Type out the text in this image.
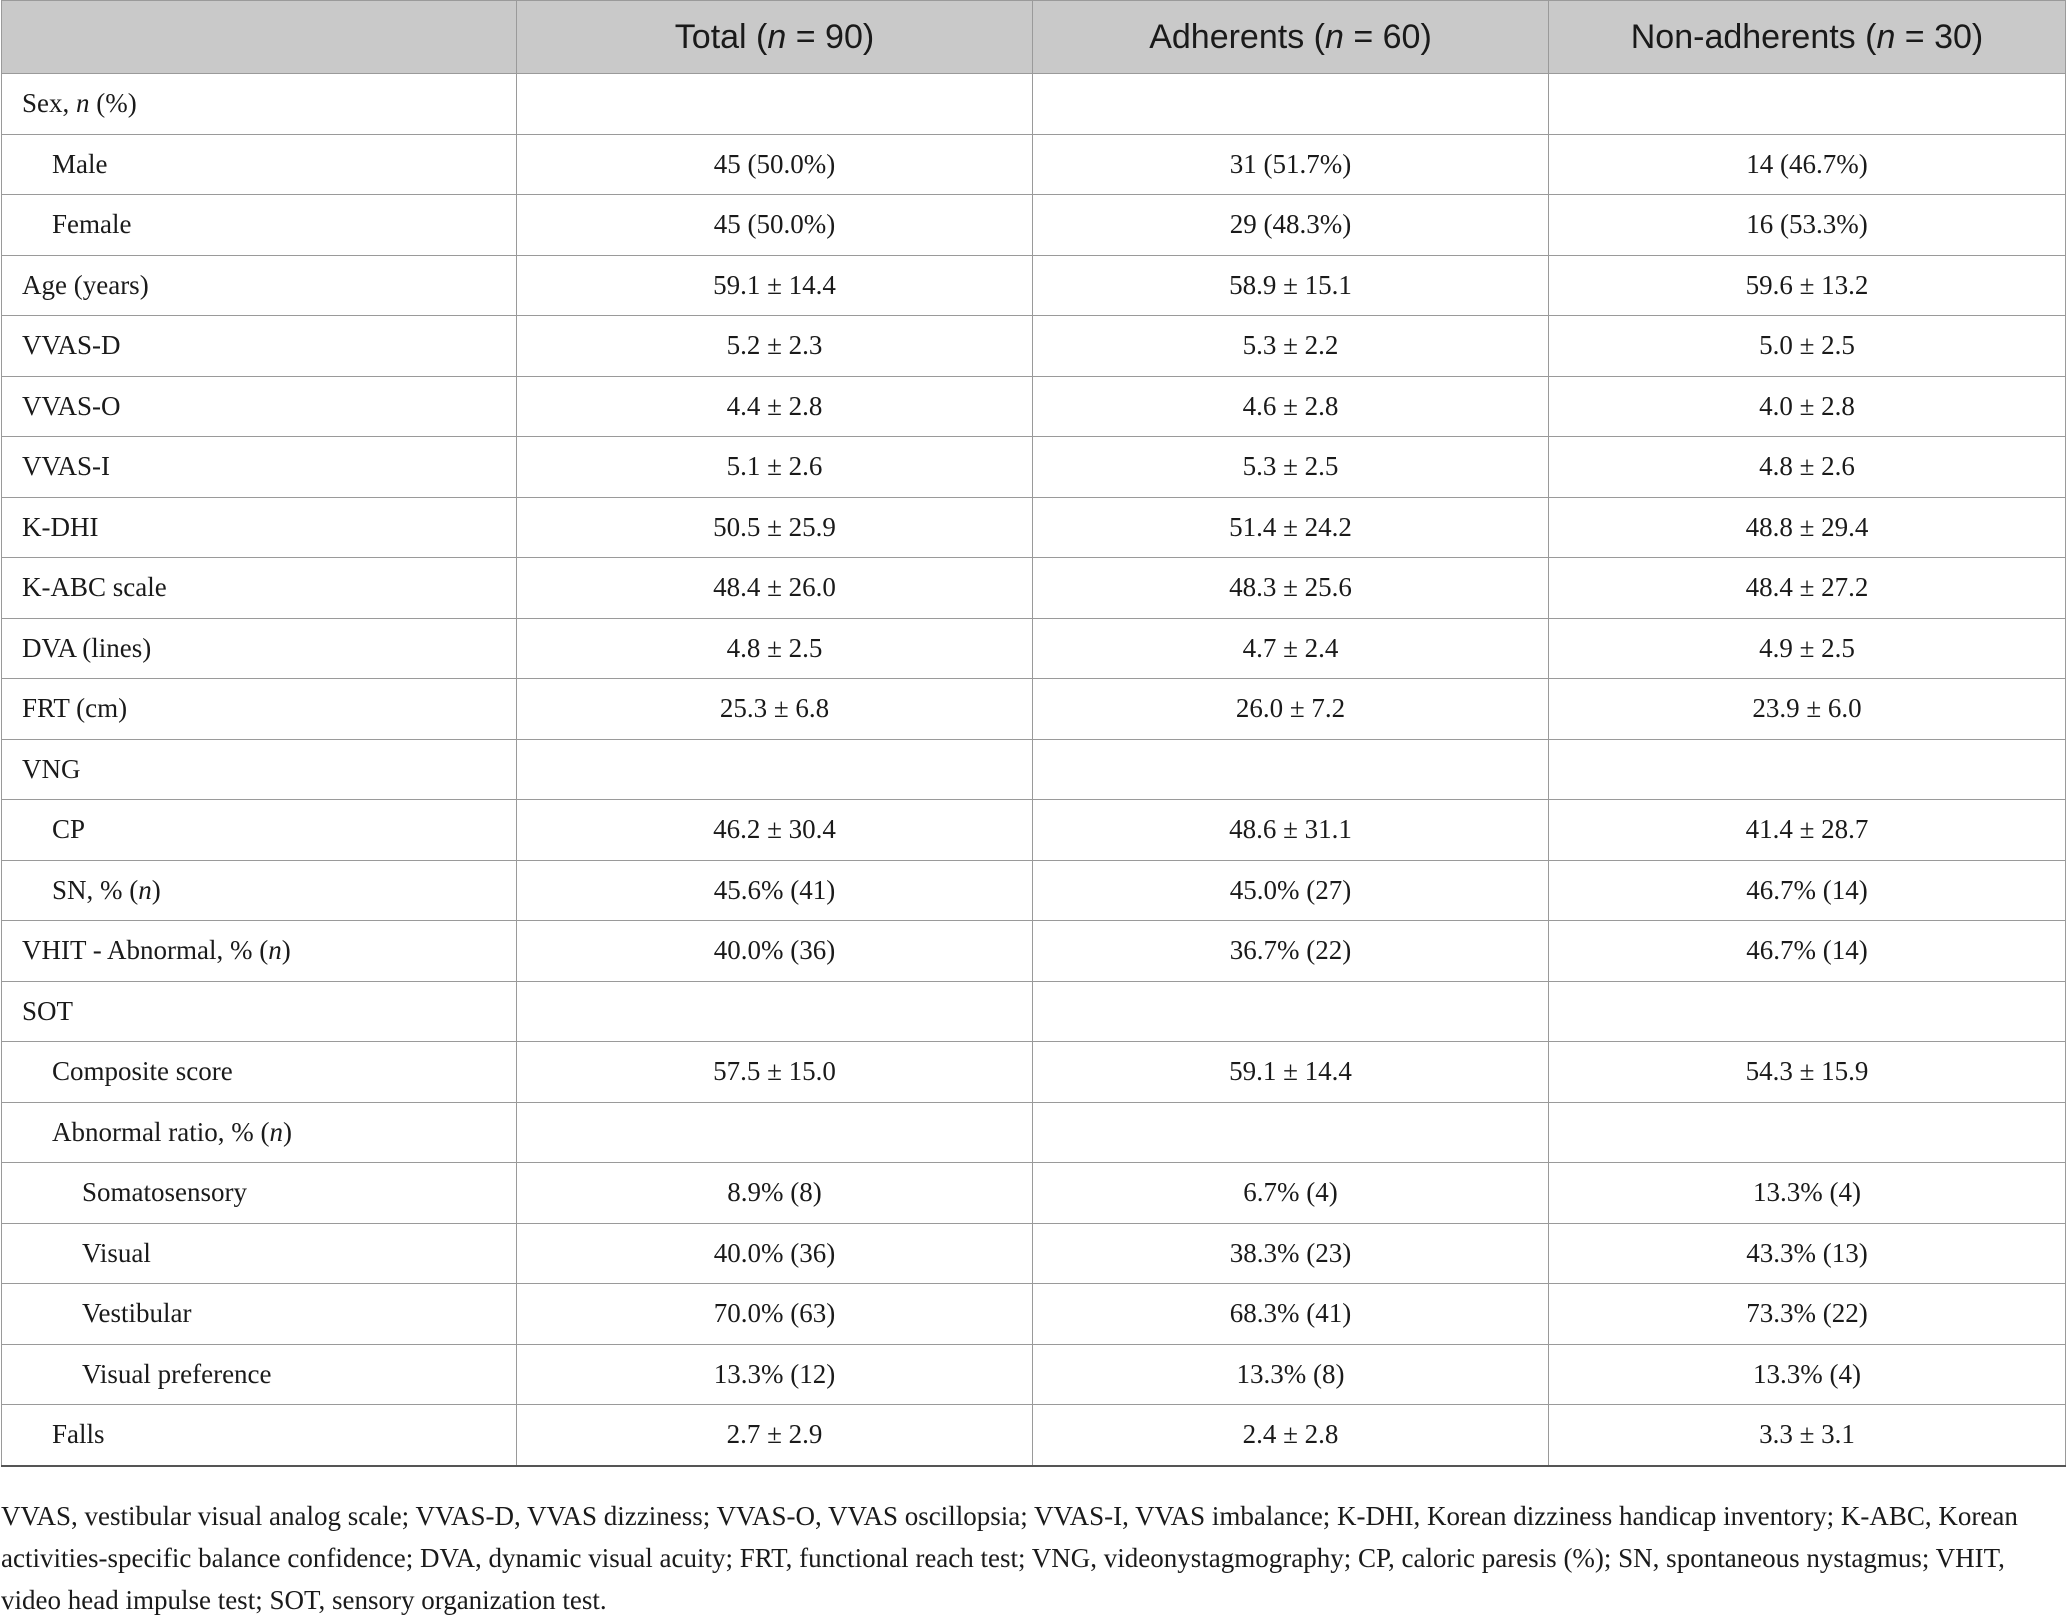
	Total (n = 90)	Adherents (n = 60)	Non-adherents (n = 30)
Sex, n (%)			
Male	45 (50.0%)	31 (51.7%)	14 (46.7%)
Female	45 (50.0%)	29 (48.3%)	16 (53.3%)
Age (years)	59.1 ± 14.4	58.9 ± 15.1	59.6 ± 13.2
VVAS-D	5.2 ± 2.3	5.3 ± 2.2	5.0 ± 2.5
VVAS-O	4.4 ± 2.8	4.6 ± 2.8	4.0 ± 2.8
VVAS-I	5.1 ± 2.6	5.3 ± 2.5	4.8 ± 2.6
K-DHI	50.5 ± 25.9	51.4 ± 24.2	48.8 ± 29.4
K-ABC scale	48.4 ± 26.0	48.3 ± 25.6	48.4 ± 27.2
DVA (lines)	4.8 ± 2.5	4.7 ± 2.4	4.9 ± 2.5
FRT (cm)	25.3 ± 6.8	26.0 ± 7.2	23.9 ± 6.0
VNG			
CP	46.2 ± 30.4	48.6 ± 31.1	41.4 ± 28.7
SN, % (n)	45.6% (41)	45.0% (27)	46.7% (14)
VHIT - Abnormal, % (n)	40.0% (36)	36.7% (22)	46.7% (14)
SOT			
Composite score	57.5 ± 15.0	59.1 ± 14.4	54.3 ± 15.9
Abnormal ratio, % (n)			
Somatosensory	8.9% (8)	6.7% (4)	13.3% (4)
Visual	40.0% (36)	38.3% (23)	43.3% (13)
Vestibular	70.0% (63)	68.3% (41)	73.3% (22)
Visual preference	13.3% (12)	13.3% (8)	13.3% (4)
Falls	2.7 ± 2.9	2.4 ± 2.8	3.3 ± 3.1

VVAS, vestibular visual analog scale; VVAS-D, VVAS dizziness; VVAS-O, VVAS oscillopsia; VVAS-I, VVAS imbalance; K-DHI, Korean dizziness handicap inventory; K-ABC, Korean activities-specific balance confidence; DVA, dynamic visual acuity; FRT, functional reach test; VNG, videonystagmography; CP, caloric paresis (%); SN, spontaneous nystagmus; VHIT, video head impulse test; SOT, sensory organization test.
